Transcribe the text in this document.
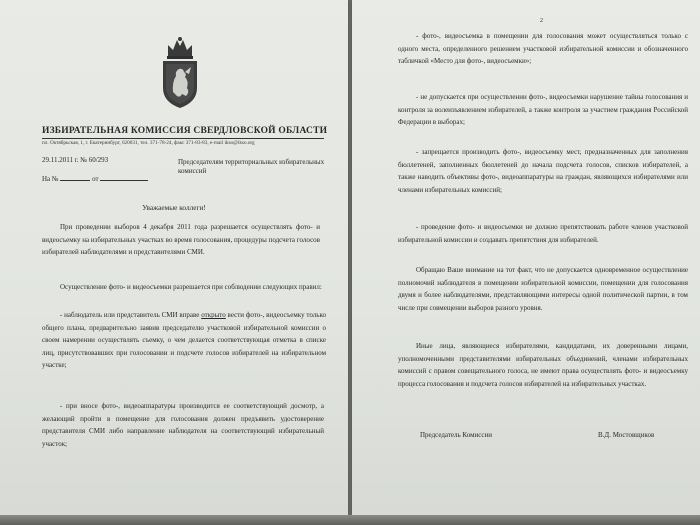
ИЗБИРАТЕЛЬНАЯ КОМИССИЯ СВЕРДЛОВСКОЙ ОБЛАСТИ
пл. Октябрьская, 1, г. Екатеринбург, 620031, тел. 371-78-24, факс 371-83-83, e-mail ikso@ikso.org
29.11.2011 г. № 60/293
На №	от
Председателям территориальных избирательных комиссий
Уважаемые коллеги!

При проведении выборов 4 декабря 2011 года разрешается осуществлять фото- и видеосъемку на избирательных участках во время голосования, процедуры подсчета голосов избирателей наблюдателями и представителями СМИ.

Осуществление фото- и видеосъемки разрешается при соблюдении следующих правил:

- наблюдатель или представитель СМИ вправе открыто вести фото-, видеосъемку только общего плана, предварительно заявив председателю участковой избирательной комиссии о своем намерении осуществлять съемку, о чем делается соответствующая отметка в списке лиц, присутствовавших при голосовании и подсчете голосов избирателей на избирательном участке;

- при вносе фото-, видеоаппаратуры производится ее соответствующий досмотр, а желающий пройти в помещение для голосования должен предъявить удостоверение представителя СМИ либо направление наблюдателя на соответствующий избирательный участок;

2

- фото-, видеосъемка в помещении для голосования может осуществляться только с одного места, определенного решением участковой избирательной комиссии и обозначенного табличкой «Место для фото-, видеосъемки»;

- не допускается при осуществлении фото-, видеосъемки нарушение тайны голосования и контроля за волеизъявлением избирателей, а также контроля за участием граждания Российской Федерации в выборах;

- запрещается производить фото-, видеосъемку мест, предназначенных для заполнения бюллетеней, заполненных бюллетеней до начала подсчета голосов, списков избирателей, а также наводить объективы фото-, видеоаппаратуры на граждан, являющихся избирателями или членами избирательных комиссий;

- проведение фото- и видеосъемки не должно препятствовать работе членов участковой избирательной комиссии и создавать препятствия для избирателей.

Обращаю Ваше внимание на тот факт, что не допускается одновременное осуществление полномочий наблюдателя в помещении избирательной комиссии, помещении для голосования двумя и более наблюдателями, представляющими интересы одной политической партии, в том числе при совмещении выборов разного уровня.

Иные лица, являющиеся избирателями, кандидатами, их доверенными лицами, уполномоченными представителями избирательных объединений, членами избирательных комиссий с правом совещательного голоса, не имеют права осуществлять фото- и видеосъемку процесса голосования и подсчета голосов избирателей на избирательных участках.

Председатель Комиссии	В.Д. Мостовщиков
